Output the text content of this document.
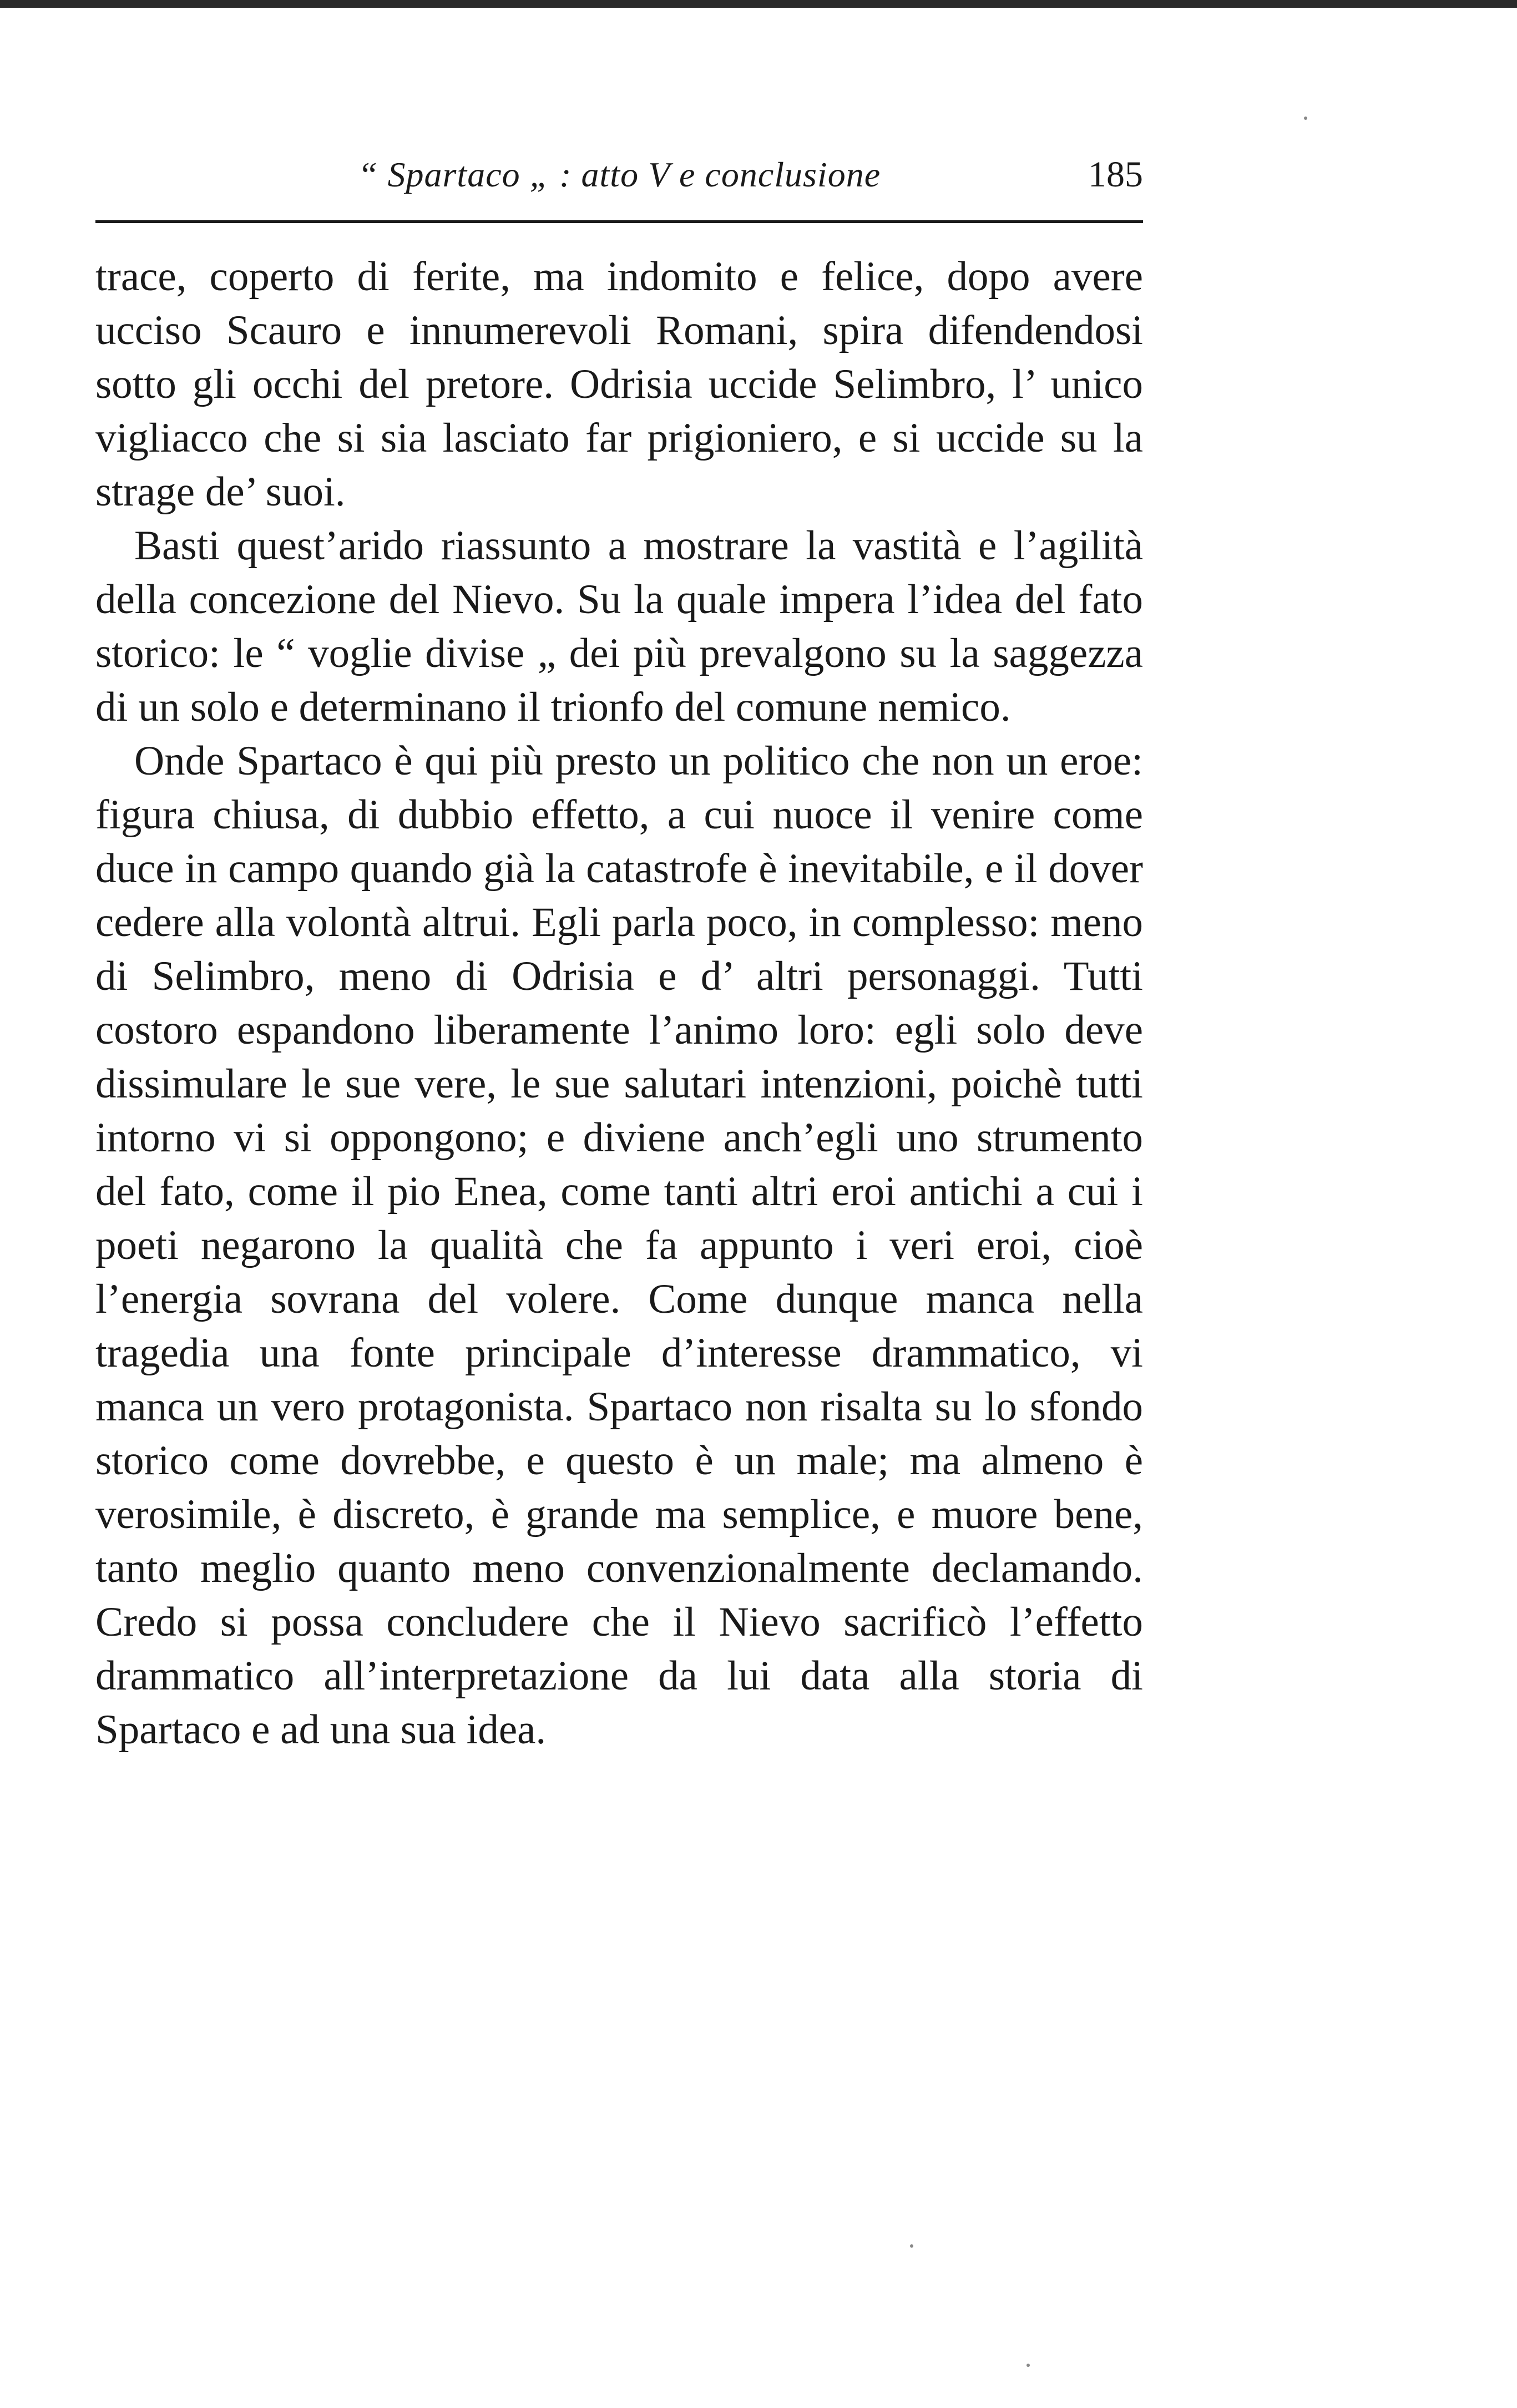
“ Spartaco „ : atto V e conclusione	185

trace, coperto di ferite, ma indomito e felice, dopo avere ucciso Scauro e innumerevoli Romani, spira difendendosi sotto gli occhi del pretore. Odrisia uccide Selimbro, l’ unico vigliacco che si sia lasciato far prigioniero, e si uccide su la strage de’ suoi.

Basti quest’arido riassunto a mostrare la vastità e l’agilità della concezione del Nievo. Su la quale impera l’idea del fato storico: le “ voglie divise „ dei più prevalgono su la saggezza di un solo e determinano il trionfo del comune nemico.

Onde Spartaco è qui più presto un politico che non un eroe: figura chiusa, di dubbio effetto, a cui nuoce il venire come duce in campo quando già la catastrofe è inevitabile, e il dover cedere alla volontà altrui. Egli parla poco, in complesso: meno di Selimbro, meno di Odrisia e d’ altri personaggi. Tutti costoro espandono liberamente l’animo loro: egli solo deve dissimulare le sue vere, le sue salutari intenzioni, poichè tutti intorno vi si oppongono; e diviene anch’egli uno strumento del fato, come il pio Enea, come tanti altri eroi antichi a cui i poeti negarono la qualità che fa appunto i veri eroi, cioè l’energia sovrana del volere. Come dunque manca nella tragedia una fonte principale d’interesse drammatico, vi manca un vero protagonista. Spartaco non risalta su lo sfondo storico come dovrebbe, e questo è un male; ma almeno è verosimile, è discreto, è grande ma semplice, e muore bene, tanto meglio quanto meno convenzionalmente declamando. Credo si possa concludere che il Nievo sacrificò l’effetto drammatico all’interpretazione da lui data alla storia di Spartaco e ad una sua idea.
